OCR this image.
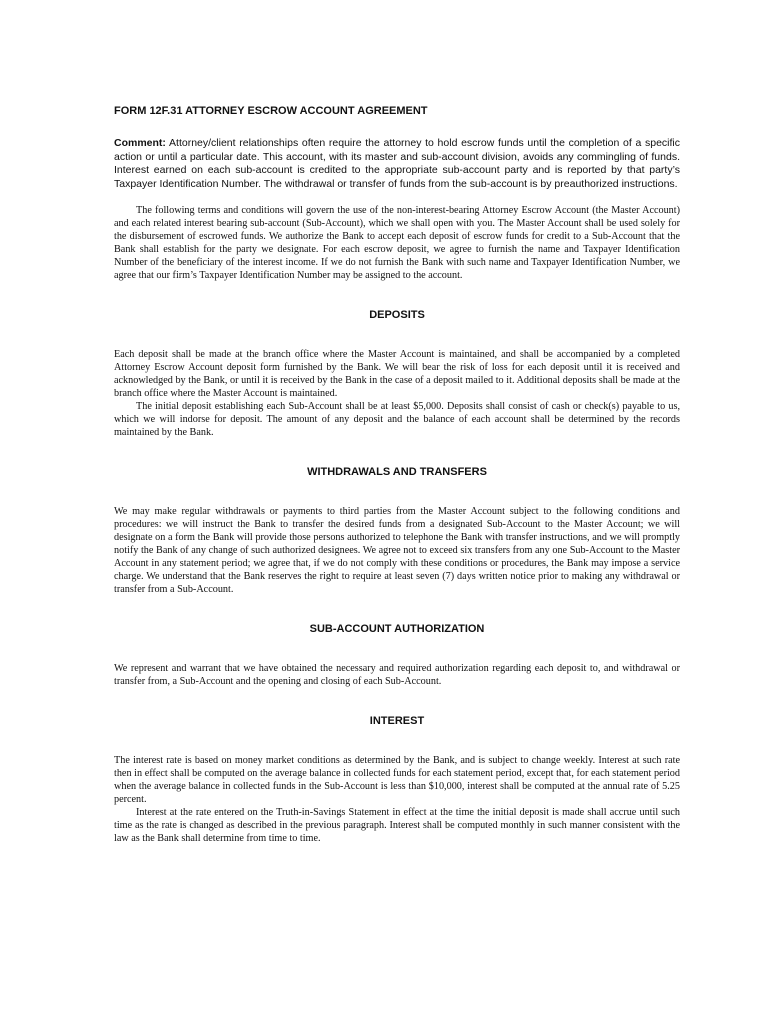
FORM 12F.31 ATTORNEY ESCROW ACCOUNT AGREEMENT

Comment: Attorney/client relationships often require the attorney to hold escrow funds until the completion of a specific action or until a particular date. This account, with its master and sub-account division, avoids any commingling of funds. Interest earned on each sub-account is credited to the appropriate sub-account party and is reported by that party’s Taxpayer Identification Number. The withdrawal or transfer of funds from the sub-account is by preauthorized instructions.

The following terms and conditions will govern the use of the non-interest-bearing Attorney Escrow Account (the Master Account) and each related interest bearing sub-account (Sub-Account), which we shall open with you. The Master Account shall be used solely for the disbursement of escrowed funds. We authorize the Bank to accept each deposit of escrow funds for credit to a Sub-Account that the Bank shall establish for the party we designate. For each escrow deposit, we agree to furnish the name and Taxpayer Identification Number of the beneficiary of the interest income. If we do not furnish the Bank with such name and Taxpayer Identification Number, we agree that our firm’s Taxpayer Identification Number may be assigned to the account.

DEPOSITS

Each deposit shall be made at the branch office where the Master Account is maintained, and shall be accompanied by a completed Attorney Escrow Account deposit form furnished by the Bank. We will bear the risk of loss for each deposit until it is received and acknowledged by the Bank, or until it is received by the Bank in the case of a deposit mailed to it. Additional deposits shall be made at the branch office where the Master Account is maintained.

The initial deposit establishing each Sub-Account shall be at least $5,000. Deposits shall consist of cash or check(s) payable to us, which we will indorse for deposit. The amount of any deposit and the balance of each account shall be determined by the records maintained by the Bank.

WITHDRAWALS AND TRANSFERS

We may make regular withdrawals or payments to third parties from the Master Account subject to the following conditions and procedures: we will instruct the Bank to transfer the desired funds from a designated Sub-Account to the Master Account; we will designate on a form the Bank will provide those persons authorized to telephone the Bank with transfer instructions, and we will promptly notify the Bank of any change of such authorized designees. We agree not to exceed six transfers from any one Sub-Account to the Master Account in any statement period; we agree that, if we do not comply with these conditions or procedures, the Bank may impose a service charge. We understand that the Bank reserves the right to require at least seven (7) days written notice prior to making any withdrawal or transfer from a Sub-Account.

SUB-ACCOUNT AUTHORIZATION

We represent and warrant that we have obtained the necessary and required authorization regarding each deposit to, and withdrawal or transfer from, a Sub-Account and the opening and closing of each Sub-Account.

INTEREST

The interest rate is based on money market conditions as determined by the Bank, and is subject to change weekly. Interest at such rate then in effect shall be computed on the average balance in collected funds for each statement period, except that, for each statement period when the average balance in collected funds in the Sub-Account is less than $10,000, interest shall be computed at the annual rate of 5.25 percent.

Interest at the rate entered on the Truth-in-Savings Statement in effect at the time the initial deposit is made shall accrue until such time as the rate is changed as described in the previous paragraph. Interest shall be computed monthly in such manner consistent with the law as the Bank shall determine from time to time.
